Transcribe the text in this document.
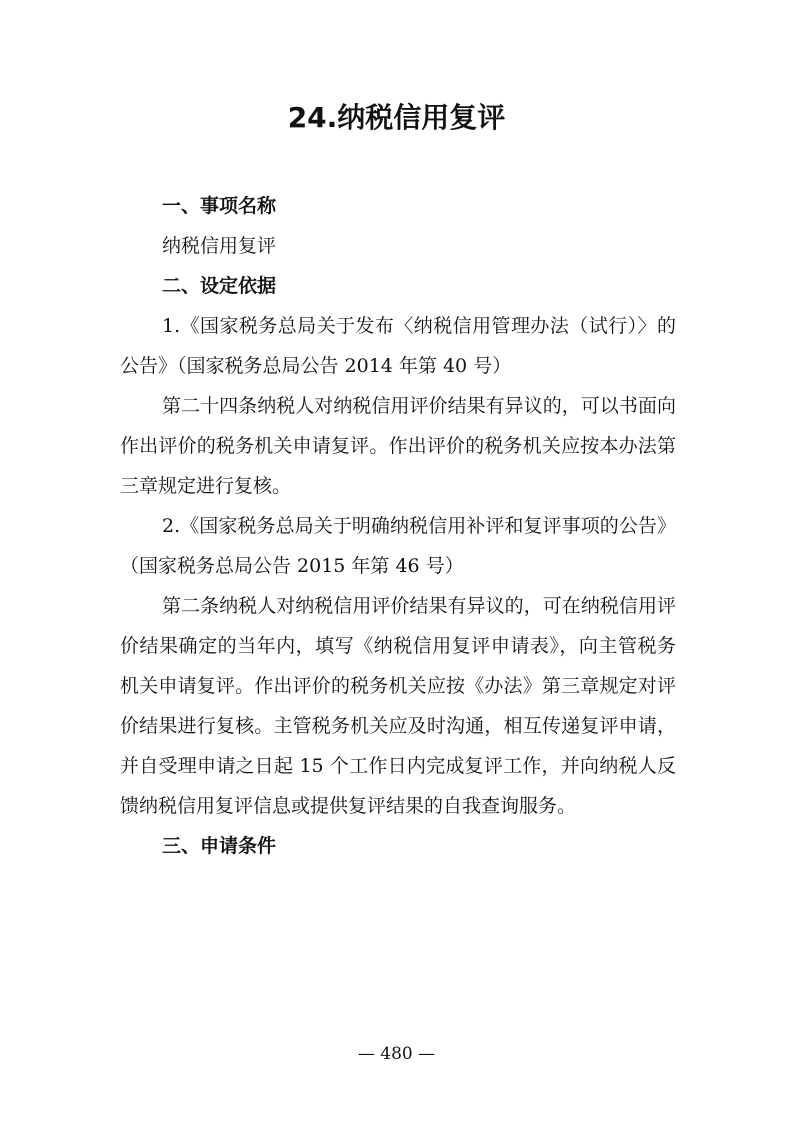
24.纳税信用复评
一、事项名称
纳税信用复评
二、设定依据
1.《国家税务总局关于发布〈纳税信用管理办法（试行）〉的公告》（国家税务总局公告 2014 年第 40 号）
第二十四条纳税人对纳税信用评价结果有异议的，可以书面向作出评价的税务机关申请复评。作出评价的税务机关应按本办法第三章规定进行复核。
2.《国家税务总局关于明确纳税信用补评和复评事项的公告》（国家税务总局公告 2015 年第 46 号）
第二条纳税人对纳税信用评价结果有异议的，可在纳税信用评价结果确定的当年内，填写《纳税信用复评申请表》，向主管税务机关申请复评。作出评价的税务机关应按《办法》第三章规定对评价结果进行复核。主管税务机关应及时沟通，相互传递复评申请，并自受理申请之日起 15 个工作日内完成复评工作，并向纳税人反馈纳税信用复评信息或提供复评结果的自我查询服务。
三、申请条件
— 480 —
